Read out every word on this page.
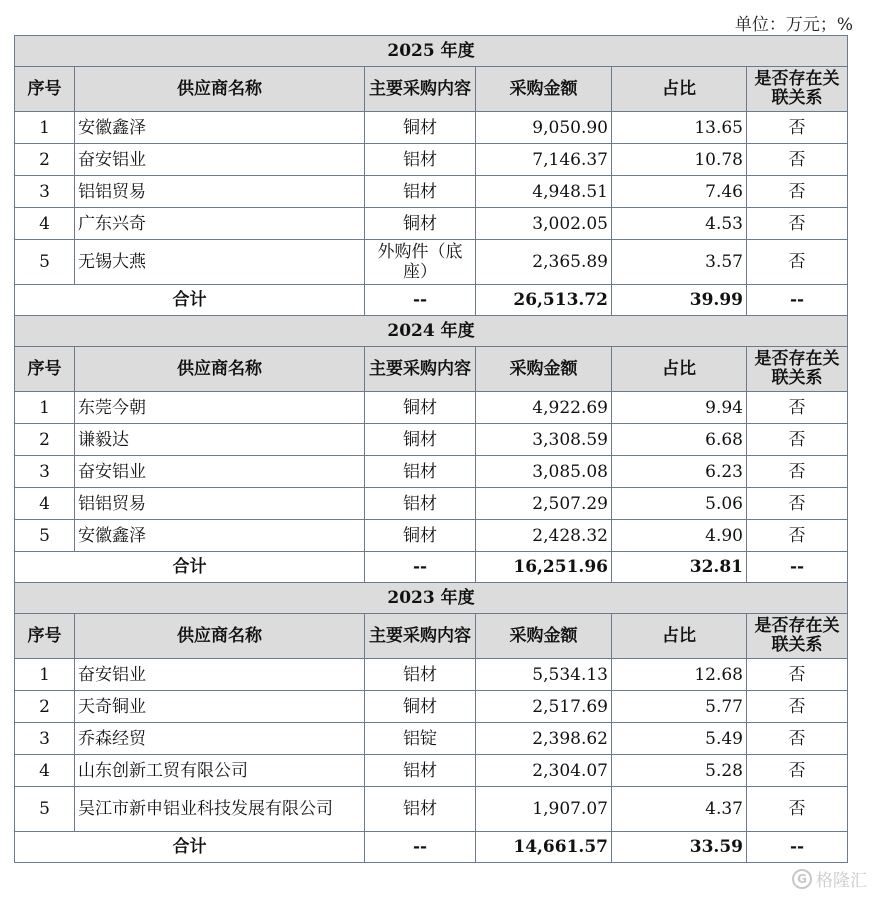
单位：万元；%
2025 年度					
序号	供应商名称	主要采购内容	采购金额	占比	是否存在关联关系
1	安徽鑫泽	铜材	9,050.90	13.65	否
2	奋安铝业	铝材	7,146.37	10.78	否
3	铝铝贸易	铝材	4,948.51	7.46	否
4	广东兴奇	铜材	3,002.05	4.53	否
5	无锡大燕	外购件（底座）	2,365.89	3.57	否
合计		--	26,513.72	39.99	--
2024 年度					
序号	供应商名称	主要采购内容	采购金额	占比	是否存在关联关系
1	东莞今朝	铜材	4,922.69	9.94	否
2	谦毅达	铜材	3,308.59	6.68	否
3	奋安铝业	铝材	3,085.08	6.23	否
4	铝铝贸易	铝材	2,507.29	5.06	否
5	安徽鑫泽	铜材	2,428.32	4.90	否
合计		--	16,251.96	32.81	--
2023 年度					
序号	供应商名称	主要采购内容	采购金额	占比	是否存在关联关系
1	奋安铝业	铝材	5,534.13	12.68	否
2	天奇铜业	铜材	2,517.69	5.77	否
3	乔森经贸	铝锭	2,398.62	5.49	否
4	山东创新工贸有限公司	铝材	2,304.07	5.28	否
5	吴江市新申铝业科技发展有限公司	铝材	1,907.07	4.37	否
合计		--	14,661.57	33.59	--
G 格隆汇
